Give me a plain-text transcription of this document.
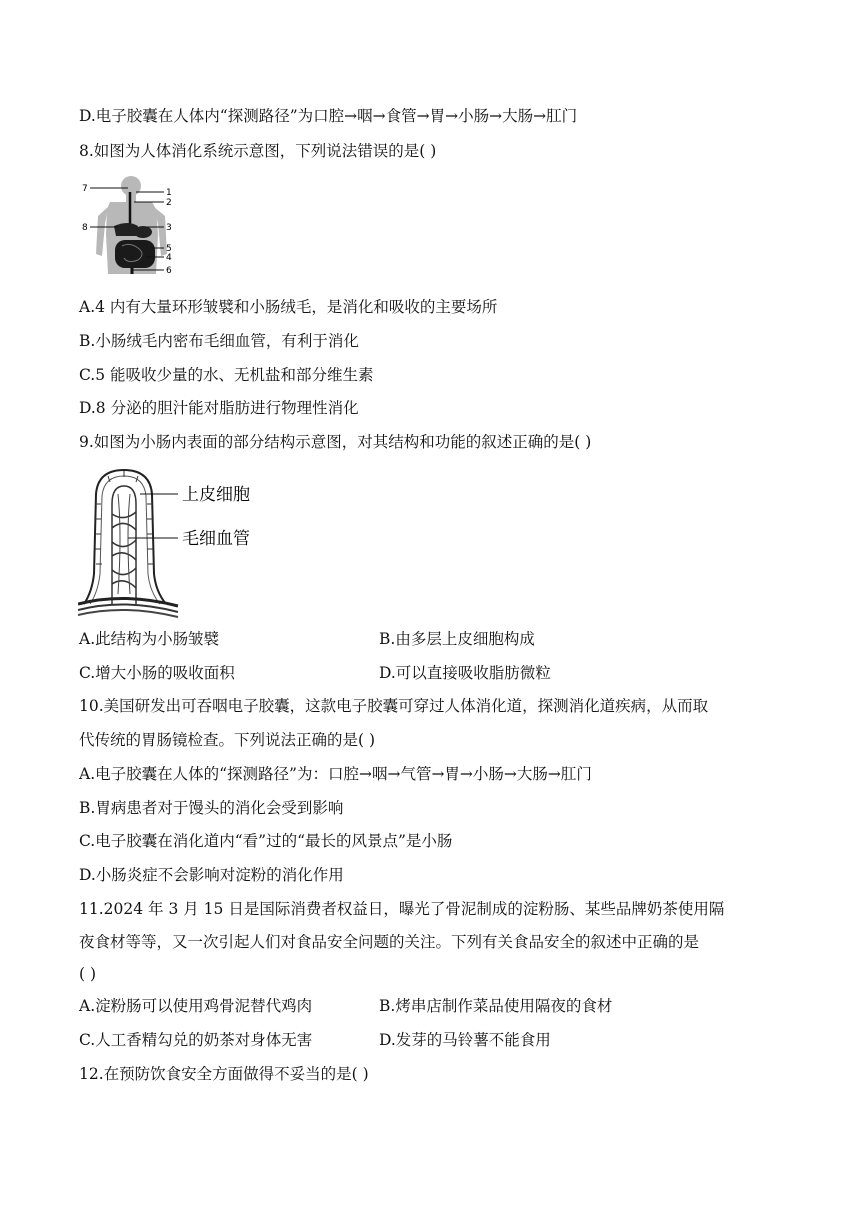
D.电子胶囊在人体内“探测路径”为口腔→咽→食管→胃→小肠→大肠→肛门
8.如图为人体消化系统示意图，下列说法错误的是( )
1
2
3
4
5
6
7
8
A.4 内有大量环形皱襞和小肠绒毛，是消化和吸收的主要场所
B.小肠绒毛内密布毛细血管，有利于消化
C.5 能吸收少量的水、无机盐和部分维生素
D.8 分泌的胆汁能对脂肪进行物理性消化
9.如图为小肠内表面的部分结构示意图，对其结构和功能的叙述正确的是( )
上皮细胞
毛细血管
A.此结构为小肠皱襞	B.由多层上皮细胞构成
C.增大小肠的吸收面积	D.可以直接吸收脂肪微粒
10.美国研发出可吞咽电子胶囊，这款电子胶囊可穿过人体消化道，探测消化道疾病，从而取
代传统的胃肠镜检查。下列说法正确的是( )
A.电子胶囊在人体的“探测路径”为：口腔→咽→气管→胃→小肠→大肠→肛门
B.胃病患者对于馒头的消化会受到影响
C.电子胶囊在消化道内“看”过的“最长的风景点”是小肠
D.小肠炎症不会影响对淀粉的消化作用
11.2024 年 3 月 15 日是国际消费者权益日，曝光了骨泥制成的淀粉肠、某些品牌奶茶使用隔
夜食材等等，又一次引起人们对食品安全问题的关注。下列有关食品安全的叙述中正确的是
( )
A.淀粉肠可以使用鸡骨泥替代鸡肉	B.烤串店制作菜品使用隔夜的食材
C.人工香精勾兑的奶茶对身体无害	D.发芽的马铃薯不能食用
12.在预防饮食安全方面做得不妥当的是( )
